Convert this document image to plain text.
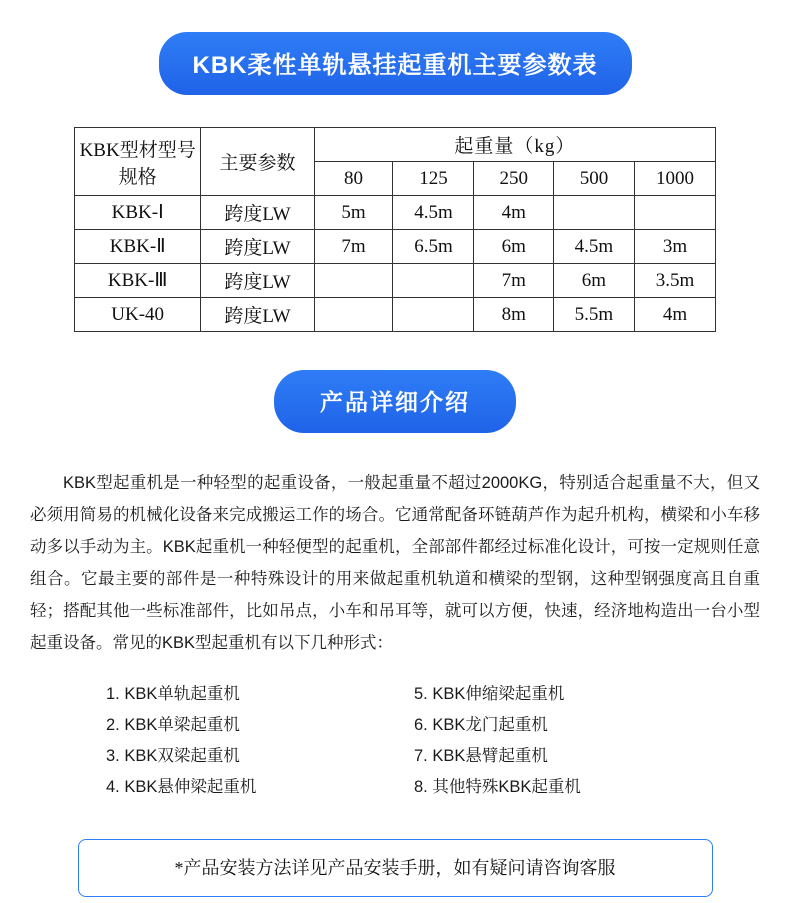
KBK柔性单轨悬挂起重机主要参数表
KBK型材型号规格	主要参数	起重量（kg）				
		80	125	250	500	1000
KBK-Ⅰ	跨度LW	5m	4.5m	4m		
KBK-Ⅱ	跨度LW	7m	6.5m	6m	4.5m	3m
KBK-Ⅲ	跨度LW			7m	6m	3.5m
UK-40	跨度LW			8m	5.5m	4m
产品详细介绍
KBK型起重机是一种轻型的起重设备，一般起重量不超过2000KG，特别适合起重量不大，但又必须用简易的机械化设备来完成搬运工作的场合。它通常配备环链葫芦作为起升机构，横梁和小车移动多以手动为主。KBK起重机一种轻便型的起重机，全部部件都经过标准化设计，可按一定规则任意组合。它最主要的部件是一种特殊设计的用来做起重机轨道和横梁的型钢，这种型钢强度高且自重轻；搭配其他一些标准部件，比如吊点，小车和吊耳等，就可以方便，快速，经济地构造出一台小型起重设备。常见的KBK型起重机有以下几种形式：
1. KBK单轨起重机
2. KBK单梁起重机
3. KBK双梁起重机
4. KBK悬伸梁起重机
5. KBK伸缩梁起重机
6. KBK龙门起重机
7. KBK悬臂起重机
8. 其他特殊KBK起重机
*产品安装方法详见产品安装手册，如有疑问请咨询客服
